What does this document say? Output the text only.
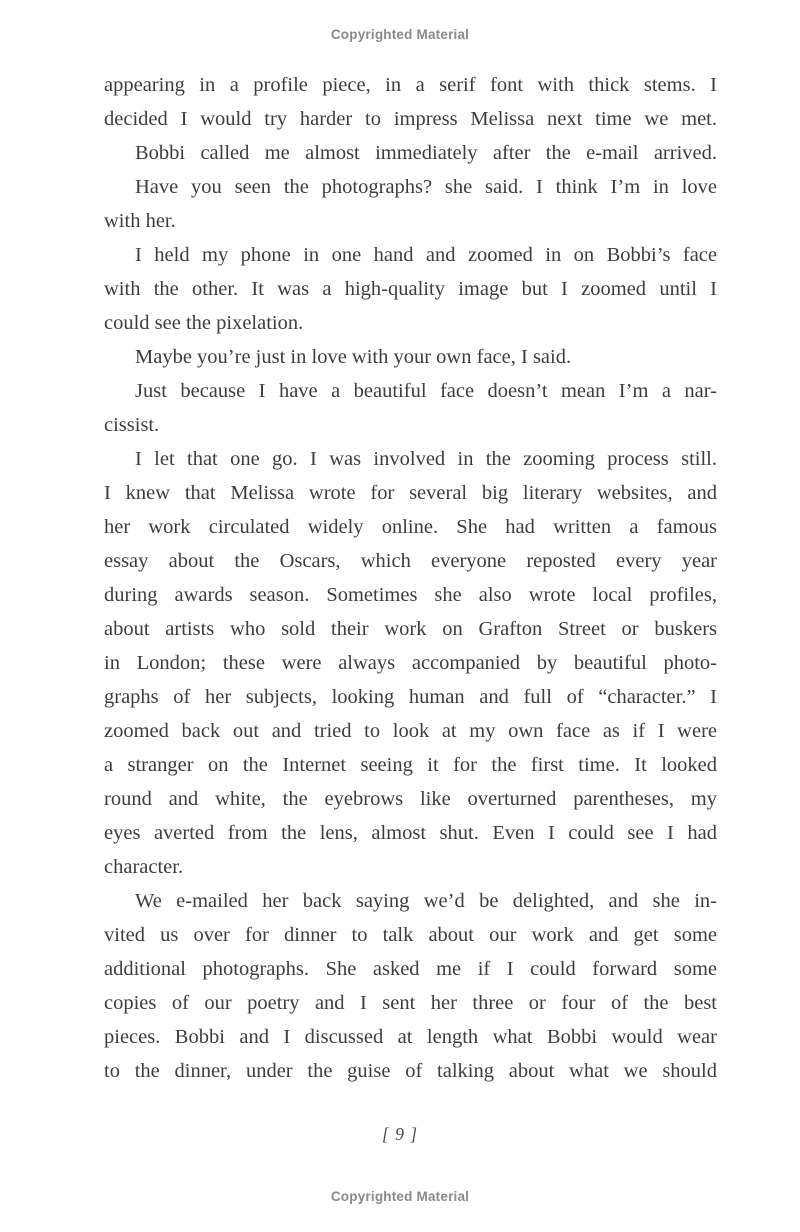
Copyrighted Material
appearing in a profile piece, in a serif font with thick stems. I
decided I would try harder to impress Melissa next time we met.
Bobbi called me almost immediately after the e-mail arrived.
Have you seen the photographs? she said. I think I’m in love
with her.
I held my phone in one hand and zoomed in on Bobbi’s face
with the other. It was a high-quality image but I zoomed until I
could see the pixelation.
Maybe you’re just in love with your own face, I said.
Just because I have a beautiful face doesn’t mean I’m a nar-
cissist.
I let that one go. I was involved in the zooming process still.
I knew that Melissa wrote for several big literary websites, and
her work circulated widely online. She had written a famous
essay about the Oscars, which everyone reposted every year
during awards season. Sometimes she also wrote local profiles,
about artists who sold their work on Grafton Street or buskers
in London; these were always accompanied by beautiful photo-
graphs of her subjects, looking human and full of “character.” I
zoomed back out and tried to look at my own face as if I were
a stranger on the Internet seeing it for the first time. It looked
round and white, the eyebrows like overturned parentheses, my
eyes averted from the lens, almost shut. Even I could see I had
character.
We e-mailed her back saying we’d be delighted, and she in-
vited us over for dinner to talk about our work and get some
additional photographs. She asked me if I could forward some
copies of our poetry and I sent her three or four of the best
pieces. Bobbi and I discussed at length what Bobbi would wear
to the dinner, under the guise of talking about what we should
[ 9 ]
Copyrighted Material
